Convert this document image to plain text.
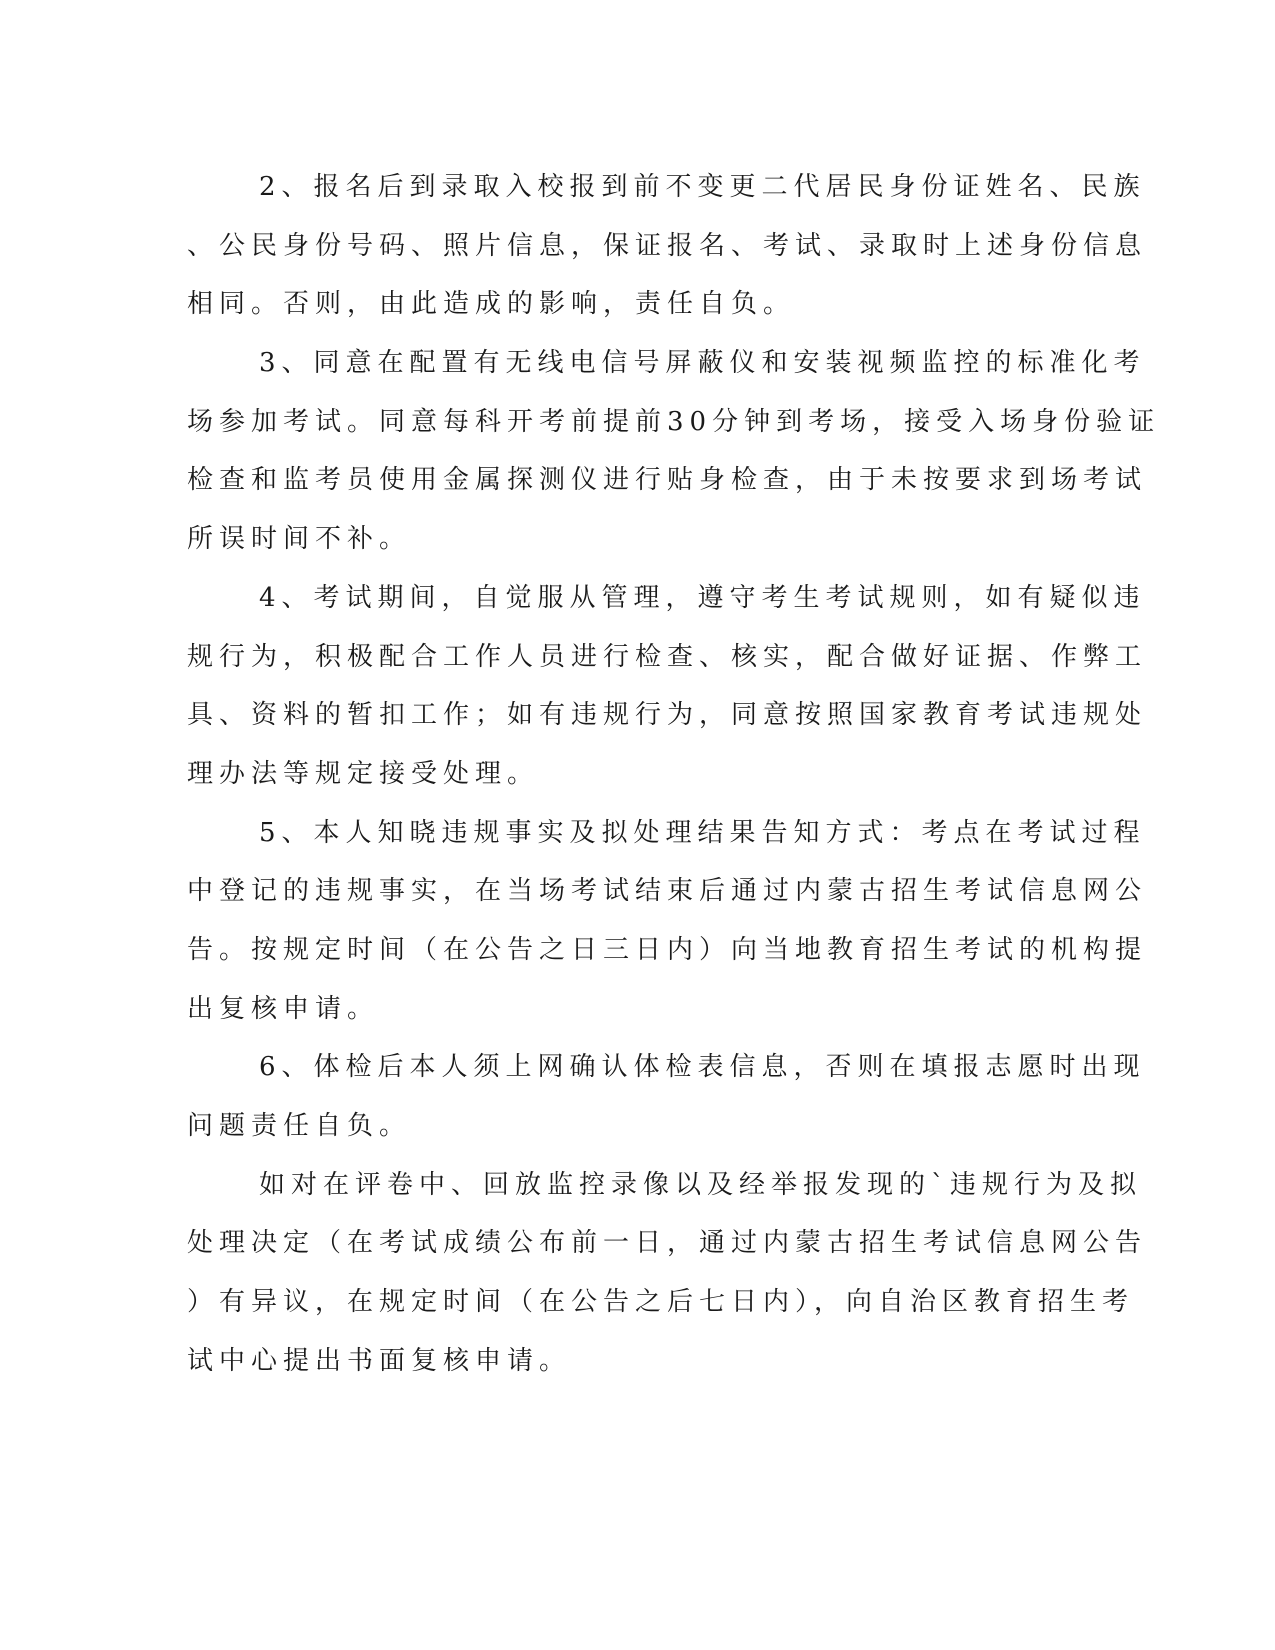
2、报名后到录取入校报到前不变更二代居民身份证姓名、民族
、公民身份号码、照片信息，保证报名、考试、录取时上述身份信息
相同。否则，由此造成的影响，责任自负。
3、同意在配置有无线电信号屏蔽仪和安装视频监控的标准化考
场参加考试。同意每科开考前提前30分钟到考场，接受入场身份验证
检查和监考员使用金属探测仪进行贴身检查，由于未按要求到场考试
所误时间不补。
4、考试期间，自觉服从管理，遵守考生考试规则，如有疑似违
规行为，积极配合工作人员进行检查、核实，配合做好证据、作弊工
具、资料的暂扣工作；如有违规行为，同意按照国家教育考试违规处
理办法等规定接受处理。
5、本人知晓违规事实及拟处理结果告知方式：考点在考试过程
中登记的违规事实，在当场考试结束后通过内蒙古招生考试信息网公
告。按规定时间（在公告之日三日内）向当地教育招生考试的机构提
出复核申请。
6、体检后本人须上网确认体检表信息，否则在填报志愿时出现
问题责任自负。
如对在评卷中、回放监控录像以及经举报发现的`违规行为及拟
处理决定（在考试成绩公布前一日，通过内蒙古招生考试信息网公告
）有异议，在规定时间（在公告之后七日内），向自治区教育招生考
试中心提出书面复核申请。
